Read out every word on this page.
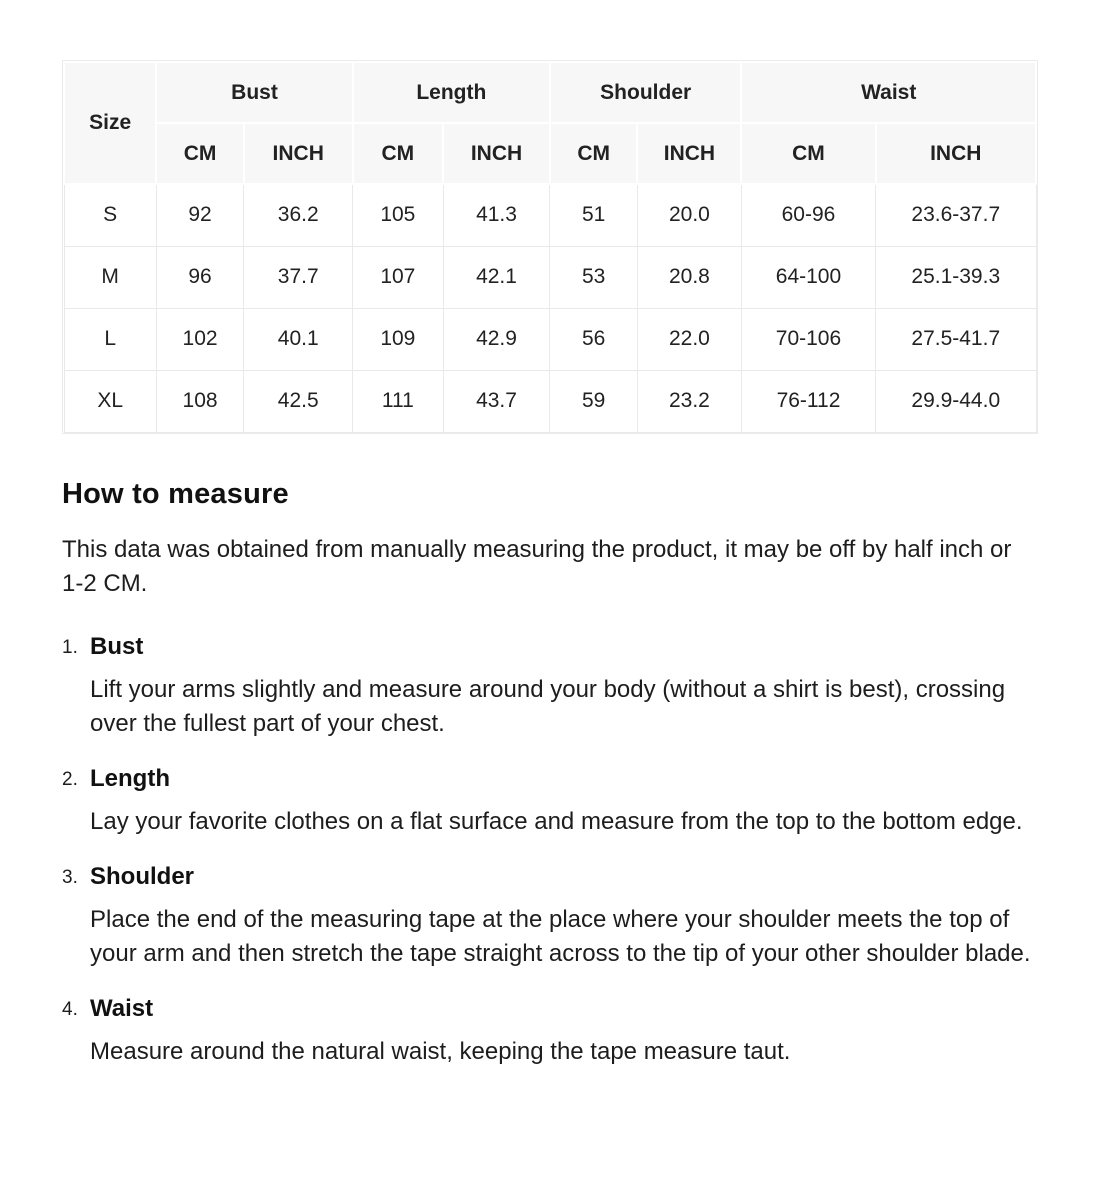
Size	Bust		Length		Shoulder		Waist	
	CM	INCH	CM	INCH	CM	INCH	CM	INCH
S	92	36.2	105	41.3	51	20.0	60-96	23.6-37.7
M	96	37.7	107	42.1	53	20.8	64-100	25.1-39.3
L	102	40.1	109	42.9	56	22.0	70-106	27.5-41.7
XL	108	42.5	111	43.7	59	23.2	76-112	29.9-44.0
How to measure

This data was obtained from manually measuring the product, it may be off by half inch or 1-2 CM.

1. Bust

Lift your arms slightly and measure around your body (without a shirt is best), crossing over the fullest part of your chest.

2. Length

Lay your favorite clothes on a flat surface and measure from the top to the bottom edge.

3. Shoulder

Place the end of the measuring tape at the place where your shoulder meets the top of your arm and then stretch the tape straight across to the tip of your other shoulder blade.

4. Waist

Measure around the natural waist, keeping the tape measure taut.
